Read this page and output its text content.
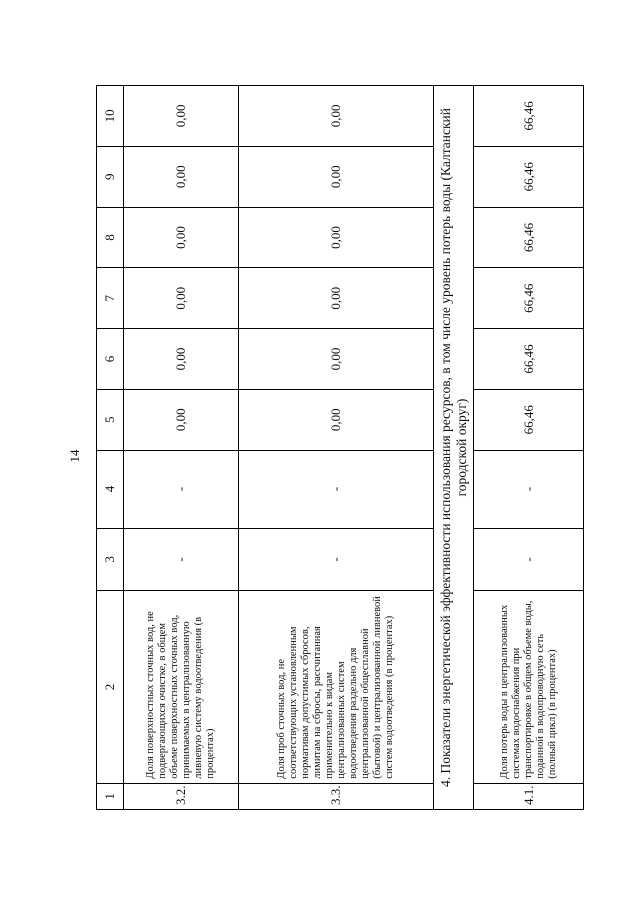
14
1	2	3	4	5	6	7	8	9	10
3.2.	Доля поверхностных сточных вод, не подвергающихся очистке, в общем объеме поверхностных сточных вод, принимаемых в централизованную ливневую систему водоотведения (в процентах)	-	-	0,00	0,00	0,00	0,00	0,00	0,00
3.3.	Доля проб сточных вод, не соответствующих установленным нормативам допустимых сбросов, лимитам на сбросы, рассчитанная применительно к видам централизованных систем водоотведения раздельно для централизованной общесплавной (бытовой) и централизованной ливневой систем водоотведения (в процентах)	-	-	0,00	0,00	0,00	0,00	0,00	0,00
4. Показатели энергетической эффективности использования ресурсов, в том числе уровень потерь воды (Калтанский городской округ)									
4.1.	Доля потерь воды в централизованных системах водоснабжения при транспортировке в общем объеме воды, поданной в водопроводную сеть (полный цикл) (в процентах)	-	-	66,46	66,46	66,46	66,46	66,46	66,46
